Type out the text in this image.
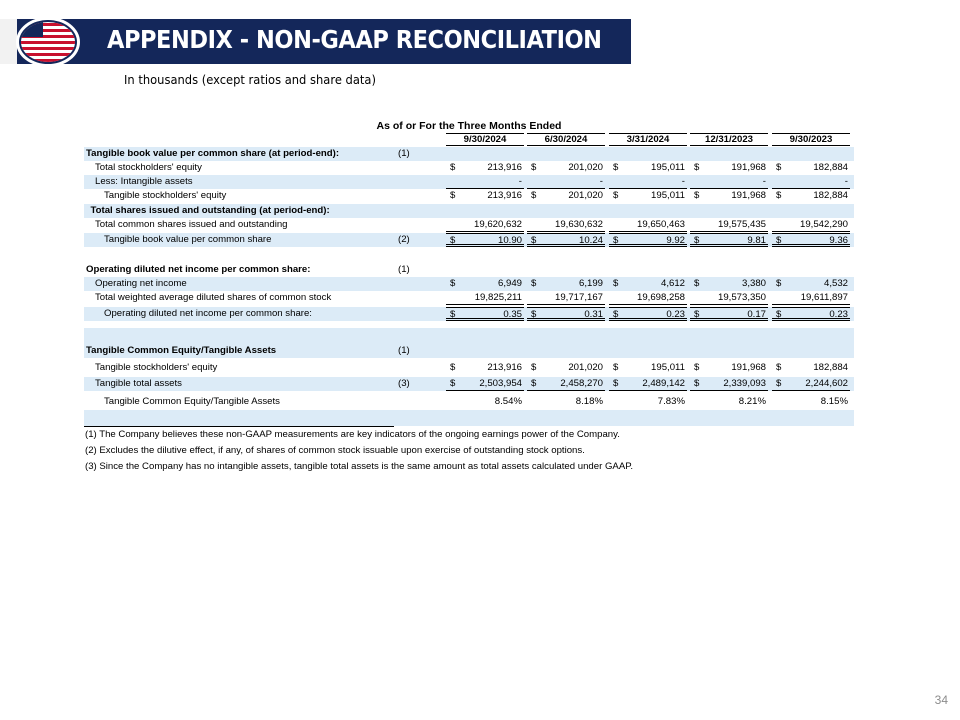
APPENDIX - NON-GAAP RECONCILIATION
In thousands (except ratios and share data)
As of or For the Three Months Ended
9/30/2024	6/30/2024	3/31/2024	12/31/2023	9/30/2023
Tangible book value per common share (at period-end):	(1)
Total stockholders' equity	$	213,916 $	201,020 $	195,011 $	191,968 $	182,884
Less: Intangible assets	-	-	-	-	-
Tangible stockholders' equity	$	213,916 $	201,020 $	195,011 $	191,968 $	182,884
Total shares issued and outstanding (at period-end):
Total common shares issued and outstanding	19,620,632	19,630,632	19,650,463	19,575,435	19,542,290
Tangible book value per common share	(2)	$	10.90 $	10.24 $	9.92 $	9.81 $	9.36
Operating diluted net income per common share:	(1)
Operating net income	$	6,949 $	6,199 $	4,612 $	3,380 $	4,532
Total weighted average diluted shares of common stock	19,825,211	19,717,167	19,698,258	19,573,350	19,611,897
Operating diluted net income per common share:	$	0.35 $	0.31 $	0.23 $	0.17 $	0.23
Tangible Common Equity/Tangible Assets	(1)
Tangible stockholders' equity	$	213,916 $	201,020 $	195,011 $	191,968 $	182,884
Tangible total assets	(3)	$ 2,503,954 $ 2,458,270 $ 2,489,142 $ 2,339,093 $ 2,244,602
Tangible Common Equity/Tangible Assets	8.54%	8.18%	7.83%	8.21%	8.15%
(1) The Company believes these non-GAAP measurements are key indicators of the ongoing earnings power of the Company.
(2) Excludes the dilutive effect, if any, of shares of common stock issuable upon exercise of outstanding stock options.
(3) Since the Company has no intangible assets, tangible total assets is the same amount as total assets calculated under GAAP.
34
